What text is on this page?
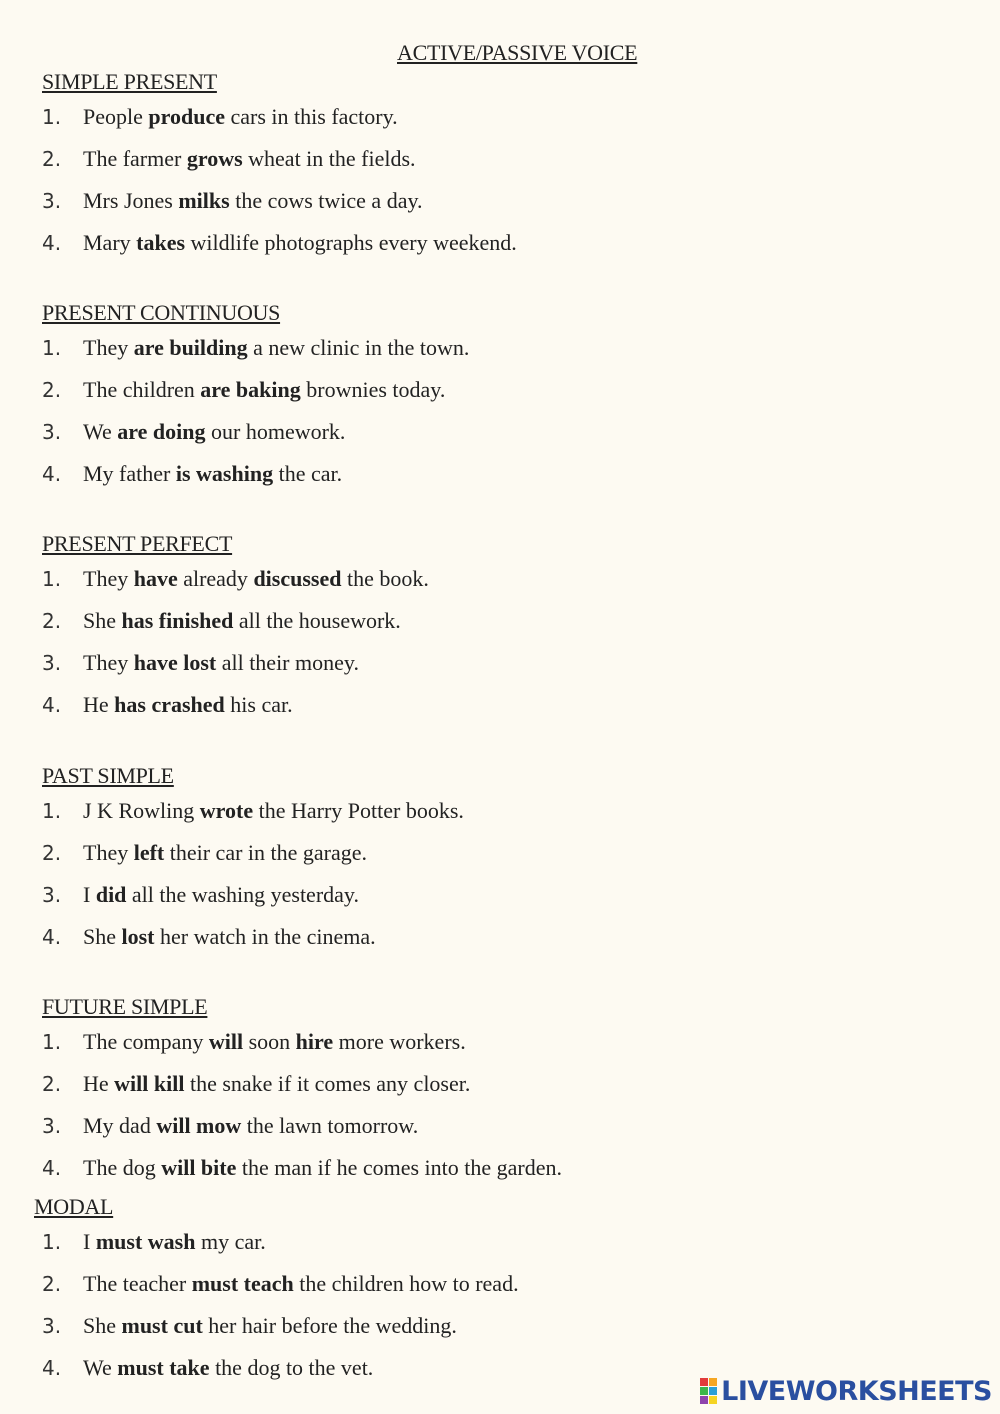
ACTIVE/PASSIVE VOICE
SIMPLE PRESENT
1. People produce cars in this factory.
2. The farmer grows wheat in the fields.
3. Mrs Jones milks the cows twice a day.
4. Mary takes wildlife photographs every weekend.
PRESENT CONTINUOUS
1. They are building a new clinic in the town.
2. The children are baking brownies today.
3. We are doing our homework.
4. My father is washing the car.
PRESENT PERFECT
1. They have already discussed the book.
2. She has finished all the housework.
3. They have lost all their money.
4. He has crashed his car.
PAST SIMPLE
1. J K Rowling wrote the Harry Potter books.
2. They left their car in the garage.
3. I did all the washing yesterday.
4. She lost her watch in the cinema.
FUTURE SIMPLE
1. The company will soon hire more workers.
2. He will kill the snake if it comes any closer.
3. My dad will mow the lawn tomorrow.
4. The dog will bite the man if he comes into the garden.
MODAL
1. I must wash my car.
2. The teacher must teach the children how to read.
3. She must cut her hair before the wedding.
4. We must take the dog to the vet.
LIVEWORKSHEETS
